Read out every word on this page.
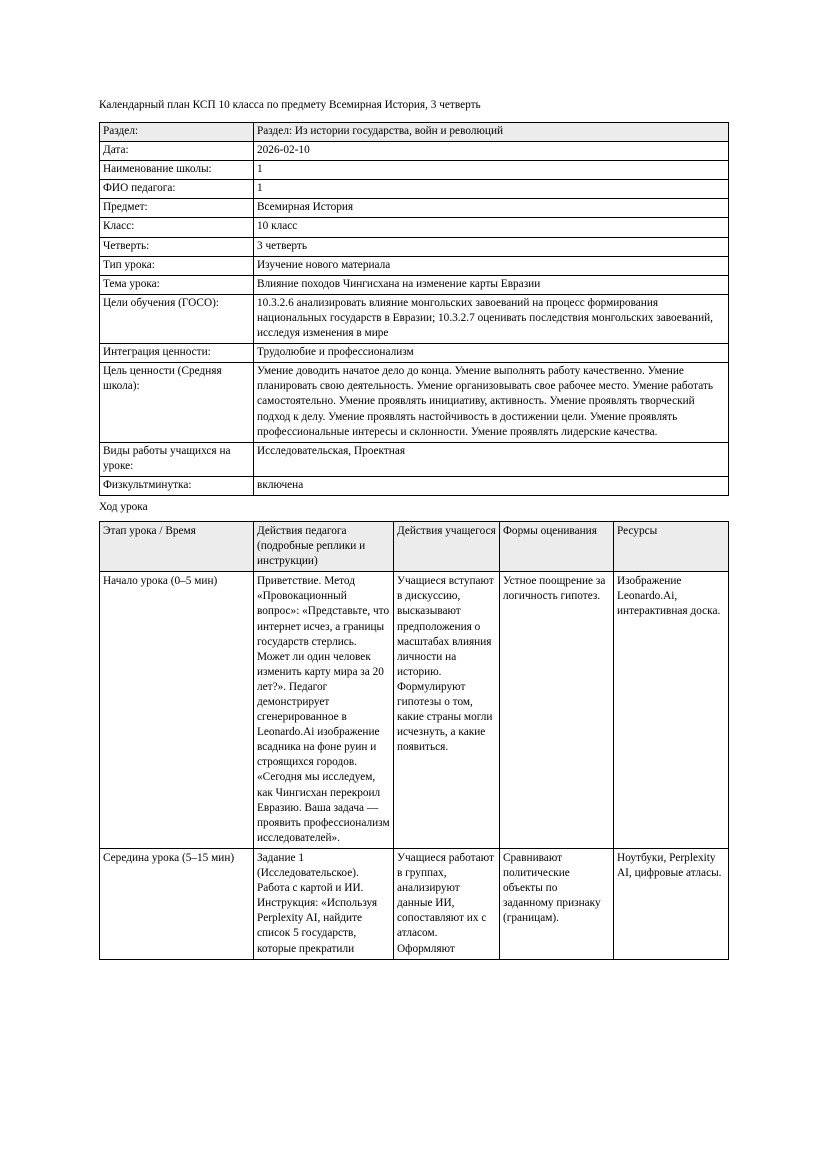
Календарный план КСП 10 класса по предмету Всемирная История, 3 четверть

Раздел:	Раздел: Из истории государства, войн и революций
Дата:	2026-02-10
Наименование школы:	1
ФИО педагога:	1
Предмет:	Всемирная История
Класс:	10 класс
Четверть:	3 четверть
Тип урока:	Изучение нового материала
Тема урока:	Влияние походов Чингисхана на изменение карты Евразии
Цели обучения (ГОСО):	10.3.2.6 анализировать влияние монгольских завоеваний на процесс формирования национальных государств в Евразии; 10.3.2.7 оценивать последствия монгольских завоеваний, исследуя изменения в мире
Интеграция ценности:	Трудолюбие и профессионализм
Цель ценности (Средняя школа):	Умение доводить начатое дело до конца. Умение выполнять работу качественно. Умение планировать свою деятельность. Умение организовывать свое рабочее место. Умение работать самостоятельно. Умение проявлять инициативу, активность. Умение проявлять творческий подход к делу. Умение проявлять настойчивость в достижении цели. Умение проявлять профессиональные интересы и склонности. Умение проявлять лидерские качества.
Виды работы учащихся на уроке:	Исследовательская, Проектная
Физкультминутка:	включена

Ход урока

Этап урока / Время	Действия педагога (подробные реплики и инструкции)	Действия учащегося	Формы оценивания	Ресурсы
Начало урока (0–5 мин)	Приветствие. Метод «Провокационный вопрос»: «Представьте, что интернет исчез, а границы государств стерлись. Может ли один человек изменить карту мира за 20 лет?». Педагог демонстрирует сгенерированное в Leonardo.Ai изображение всадника на фоне руин и строящихся городов. «Сегодня мы исследуем, как Чингисхан перекроил Евразию. Ваша задача — проявить профессионализм исследователей».	Учащиеся вступают в дискуссию, высказывают предположения о масштабах влияния личности на историю. Формулируют гипотезы о том, какие страны могли исчезнуть, а какие появиться.	Устное поощрение за логичность гипотез.	Изображение Leonardo.Ai, интерактивная доска.
Середина урока (5–15 мин)	Задание 1 (Исследовательское). Работа с картой и ИИ. Инструкция: «Используя Perplexity AI, найдите список 5 государств, которые прекратили	Учащиеся работают в группах, анализируют данные ИИ, сопоставляют их с атласом. Оформляют	Сравнивают политические объекты по заданному признаку (границам).	Ноутбуки, Perplexity AI, цифровые атласы.
